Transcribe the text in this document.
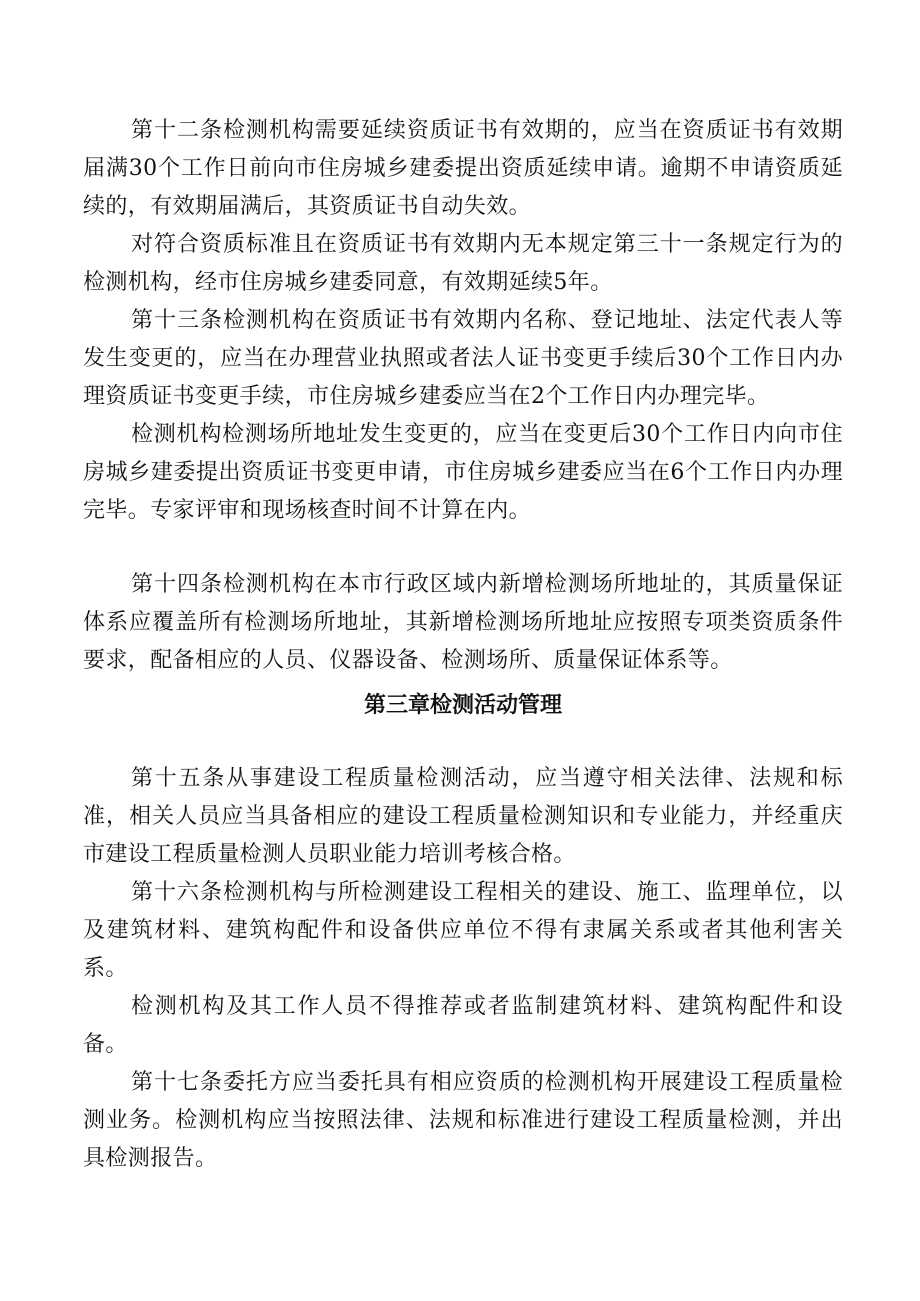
第十二条检测机构需要延续资质证书有效期的，应当在资质证书有效期届满30个工作日前向市住房城乡建委提出资质延续申请。逾期不申请资质延续的，有效期届满后，其资质证书自动失效。

对符合资质标准且在资质证书有效期内无本规定第三十一条规定行为的检测机构，经市住房城乡建委同意，有效期延续5年。

第十三条检测机构在资质证书有效期内名称、登记地址、法定代表人等发生变更的，应当在办理营业执照或者法人证书变更手续后30个工作日内办理资质证书变更手续，市住房城乡建委应当在2个工作日内办理完毕。

检测机构检测场所地址发生变更的，应当在变更后30个工作日内向市住房城乡建委提出资质证书变更申请，市住房城乡建委应当在6个工作日内办理完毕。专家评审和现场核查时间不计算在内。

第十四条检测机构在本市行政区域内新增检测场所地址的，其质量保证体系应覆盖所有检测场所地址，其新增检测场所地址应按照专项类资质条件要求，配备相应的人员、仪器设备、检测场所、质量保证体系等。

第三章检测活动管理

第十五条从事建设工程质量检测活动，应当遵守相关法律、法规和标准，相关人员应当具备相应的建设工程质量检测知识和专业能力，并经重庆市建设工程质量检测人员职业能力培训考核合格。

第十六条检测机构与所检测建设工程相关的建设、施工、监理单位，以及建筑材料、建筑构配件和设备供应单位不得有隶属关系或者其他利害关系。

检测机构及其工作人员不得推荐或者监制建筑材料、建筑构配件和设备。

第十七条委托方应当委托具有相应资质的检测机构开展建设工程质量检测业务。检测机构应当按照法律、法规和标准进行建设工程质量检测，并出具检测报告。
